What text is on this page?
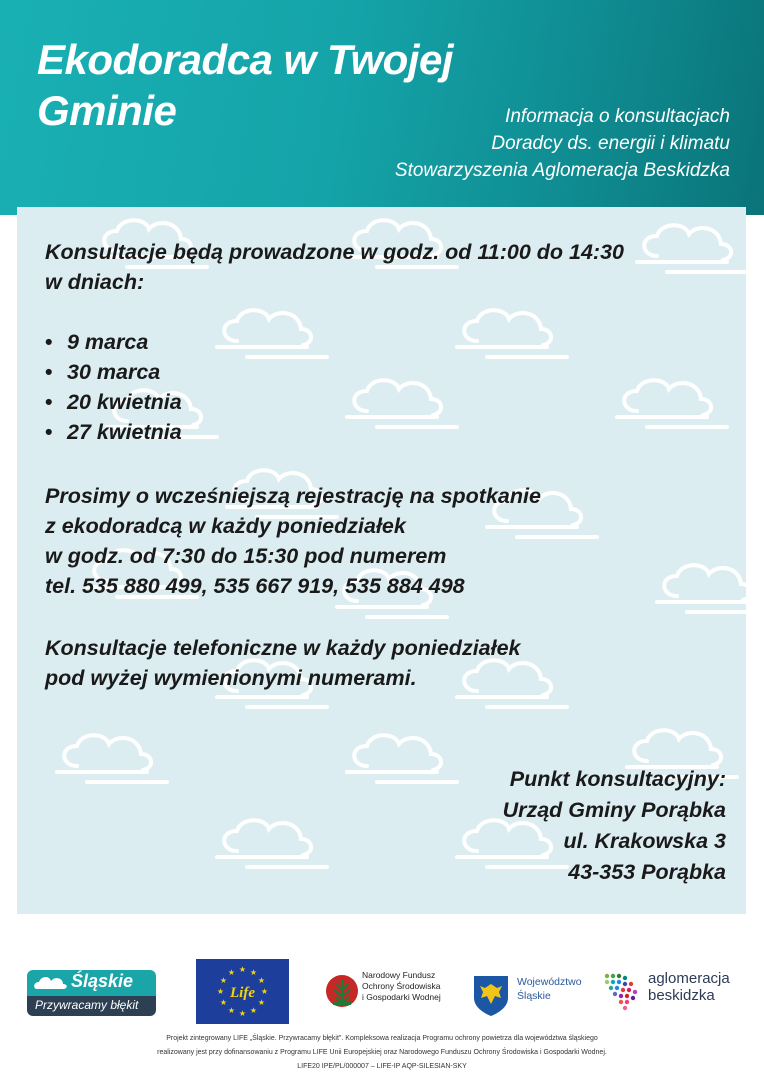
Ekodoradca w Twojej
Gminie	Informacja o konsultacjach
Doradcy ds. energii i klimatu
Stowarzyszenia Aglomeracja Beskidzka

Konsultacje będą prowadzone w godz. od 11:00 do 14:30

w dniach:

• 9 marca
• 30 marca
• 20 kwietnia
• 27 kwietnia

Prosimy o wcześniejszą rejestrację na spotkanie

z ekodoradcą w każdy poniedziałek

w godz. od 7:30 do 15:30 pod numerem

tel. 535 880 499, 535 667 919, 535 884 498

Konsultacje telefoniczne w każdy poniedziałek

pod wyżej wymienionymi numerami.

Punkt konsultacyjny:
Urząd Gminy Porąbka
ul. Krakowska 3
43-353 Porąbka
Śląskie
Przywracamy błękit
★ ★
★
★
★
★
★
★
★
★
★
★
Life
Narodowy Fundusz
Ochrony Środowiska
i Gospodarki Wodnej
Województwo
Śląskie
aglomeracja
beskidzka
Projekt zintegrowany LIFE „Śląskie. Przywracamy błękit". Kompleksowa realizacja Programu ochrony powietrza dla województwa śląskiego
realizowany jest przy dofinansowaniu z Programu LIFE Unii Europejskiej oraz Narodowego Funduszu Ochrony Środowiska i Gospodarki Wodnej.
LIFE20 IPE/PL/000007 – LIFE-IP AQP-SILESIAN-SKY
